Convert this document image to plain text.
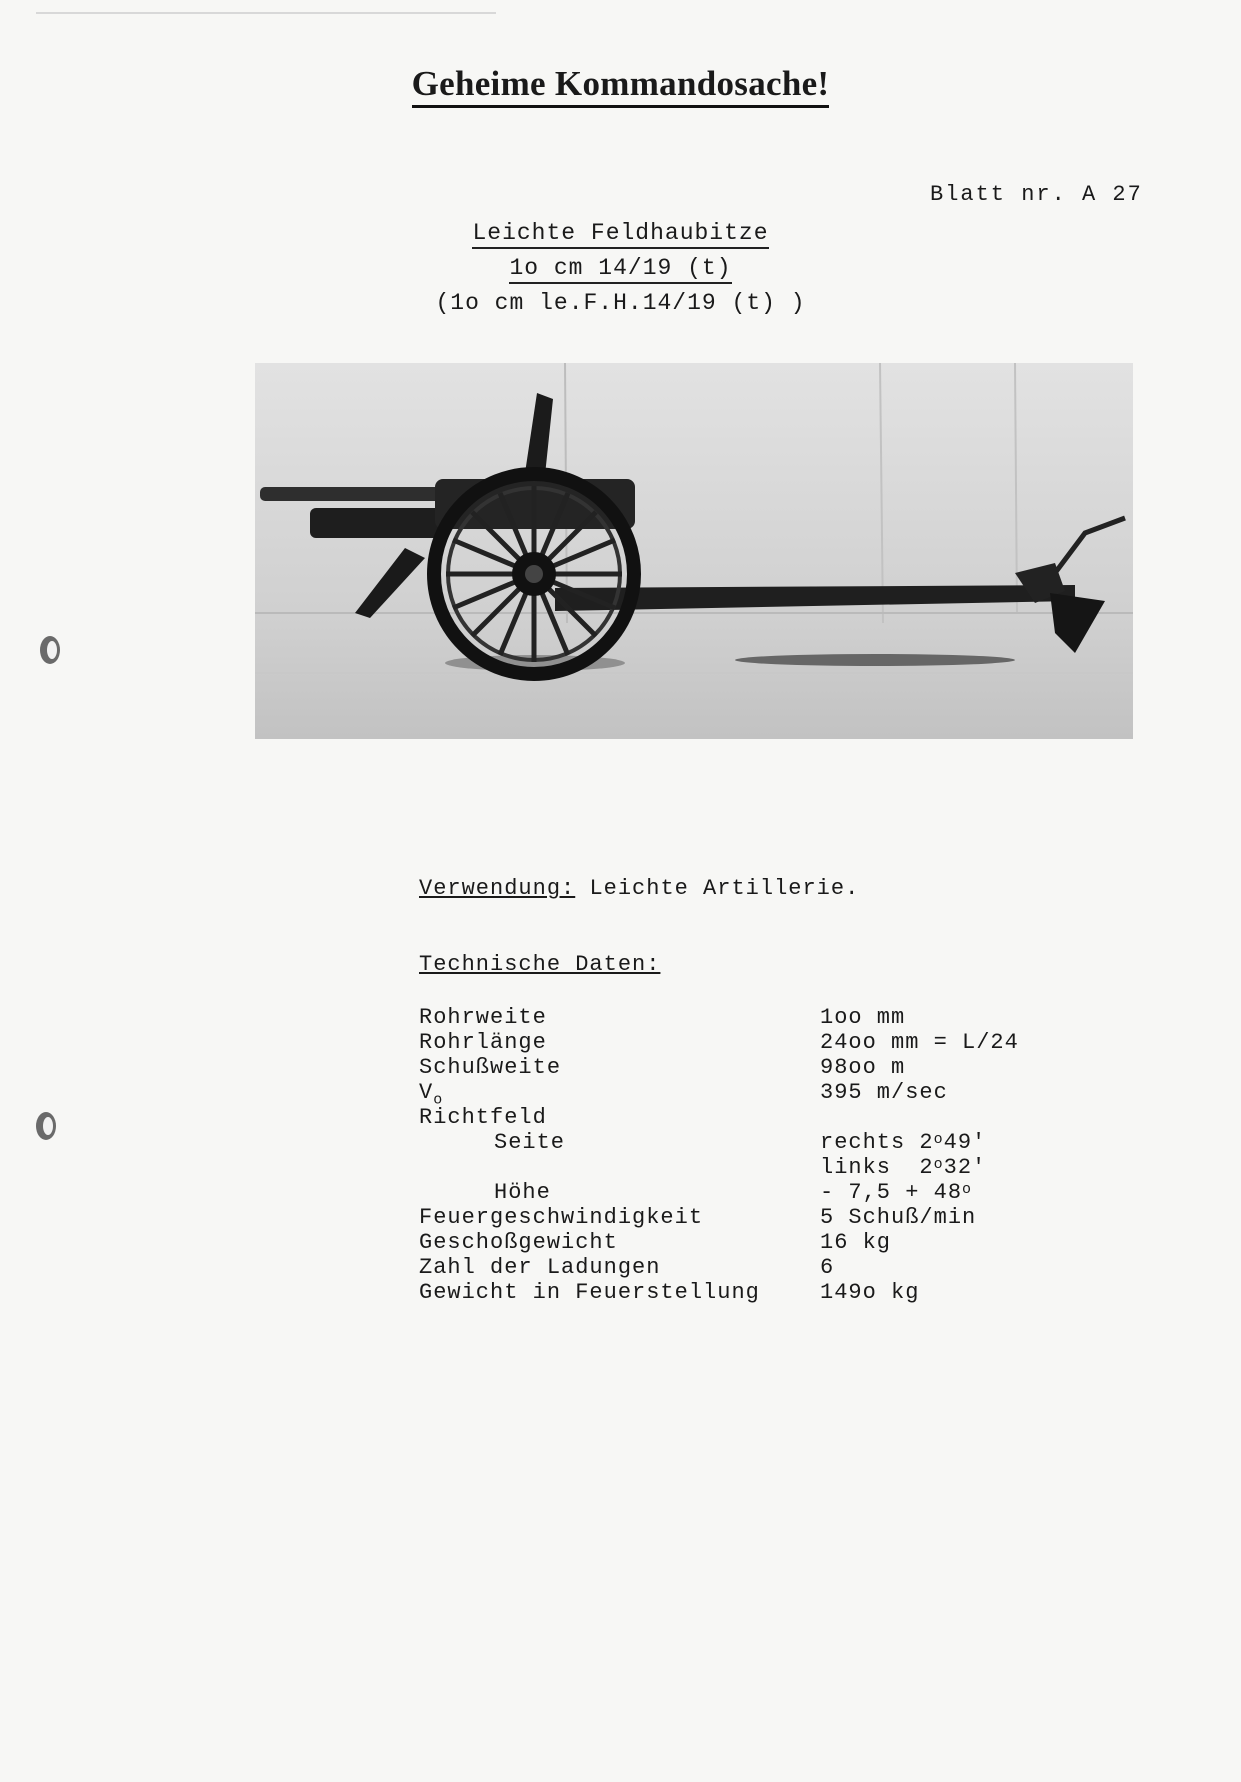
Geheime Kommandosache!
Blatt nr. A 27
Leichte Feldhaubitze
1o cm 14/19 (t)
(1o cm le.F.H.14/19 (t) )
Verwendung: Leichte Artillerie.
Technische Daten:
Rohrweite	1oo mm
Rohrlänge	24oo mm = L/24
Schußweite	98oo m
$V_o$	395 m/sec
Richtfeld
Seite	rechts 2$^o$49'
links  2$^o$32'
Höhe	- $7,5 + 48^o$
Feuergeschwindigkeit	5 Schuß/min
Geschoßgewicht	16 kg
Zahl der Ladungen	6
Gewicht in Feuerstellung	149o kg
